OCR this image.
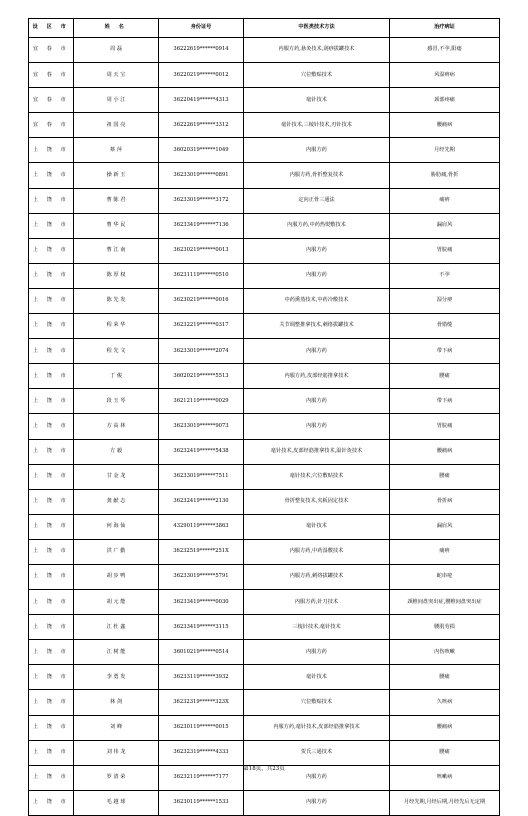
设 区 市	姓 名	身份证号	中医类技术方法	治疗病证
宜 春 市	周 磊	36222619******0914	内服方药,悬灸技术,刮痧拔罐技术	感冒,不孕,阳痿
宜 春 市	周 天 宝	36220219******0012	穴位敷贴技术	风湿痹病
宜 春 市	周 小 江	36220419******4313	毫针技术	颈部疼痛
宜 春 市	祖 国 亮	36222619******3312	毫针技术,三棱针技术,刃针技术	腰痛病
上 饶 市	蔡 萍	36020319******1049	内服方药	月经先期
上 饶 市	操 新 玉	36233019******0891	内服方药,骨折整复技术	胁肋痛,骨折
上 饶 市	曹 陈 君	36233019******3172	定向正骨三通法	痛痹
上 饶 市	曹 华 民	36233419******7136	内服方药,中药热熨敷技术	漏肩风
上 饶 市	曹 江 南	36230219******0013	内服方药	胃脘痛
上 饶 市	陈 厚 权	36231119******0510	内服方药	不孕
上 饶 市	陈 先 发	36230219******0016	中药熏蒸技术,中药冷敷技术	湿分痹
上 饶 市	程 荣 华	36232219******0317	关节调整推拿技术,刺络拔罐技术	骨错缝
上 饶 市	程 先 文	36233019******2074	内服方药	带下病
上 饶 市	丁 俊	36020219******5513	内服方药,皮部经筋推拿技术	腰痛
上 饶 市	段 玉 琴	36212119******0029	内服方药	带下病
上 饶 市	方 高 林	36233019******9073	内服方药	胃脘痛
上 饶 市	方 毅	36232419******5438	毫针技术,皮部经筋推拿技术,温针灸技术	腰痛病
上 饶 市	甘 金 龙	36233019******7511	毫针技术,穴位敷贴技术	腰痛
上 饶 市	龚 献 志	36232419******2130	骨折整复技术,夹板固定技术	骨折病
上 饶 市	何 海 仙	43290119******3863	毫针技术	漏肩风
上 饶 市	洪 广 勤	36232519******251X	内服方药,中药湿敷技术	痛痹
上 饶 市	胡 步 鸭	36233019******5791	内服方药,刺络拔罐技术	蛇串疮
上 饶 市	胡 元 能	36233419******0030	内服方药,针刀技术	颈椎间盘突出症,腰椎间盘突出症
上 饶 市	江 杜 鑫	36233419******3115	三棱针技术,毫针技术	腰肌劳损
上 饶 市	江 树 能	36010219******0514	内服方药	内伤咳嗽
上 饶 市	李 勇 发	36233119******3932	毫针技术	腰痛
上 饶 市	林 剑	36232319******323X	穴位敷贴技术	久咳病
上 饶 市	刘 峰	36230119******0015	内服方药,毫针技术,皮部经筋推拿技术	腰痛病
上 饶 市	刘 伟 龙	36232319******4333	贺氏三通技术	腰痛
上 饶 市	罗 清 荣	36232119******7177	内服方药	咳嗽病
上 饶 市	毛 越 球	36230119******1533	内服方药	月经先期,月经后期,月经先后无定期
第18页，共23页
